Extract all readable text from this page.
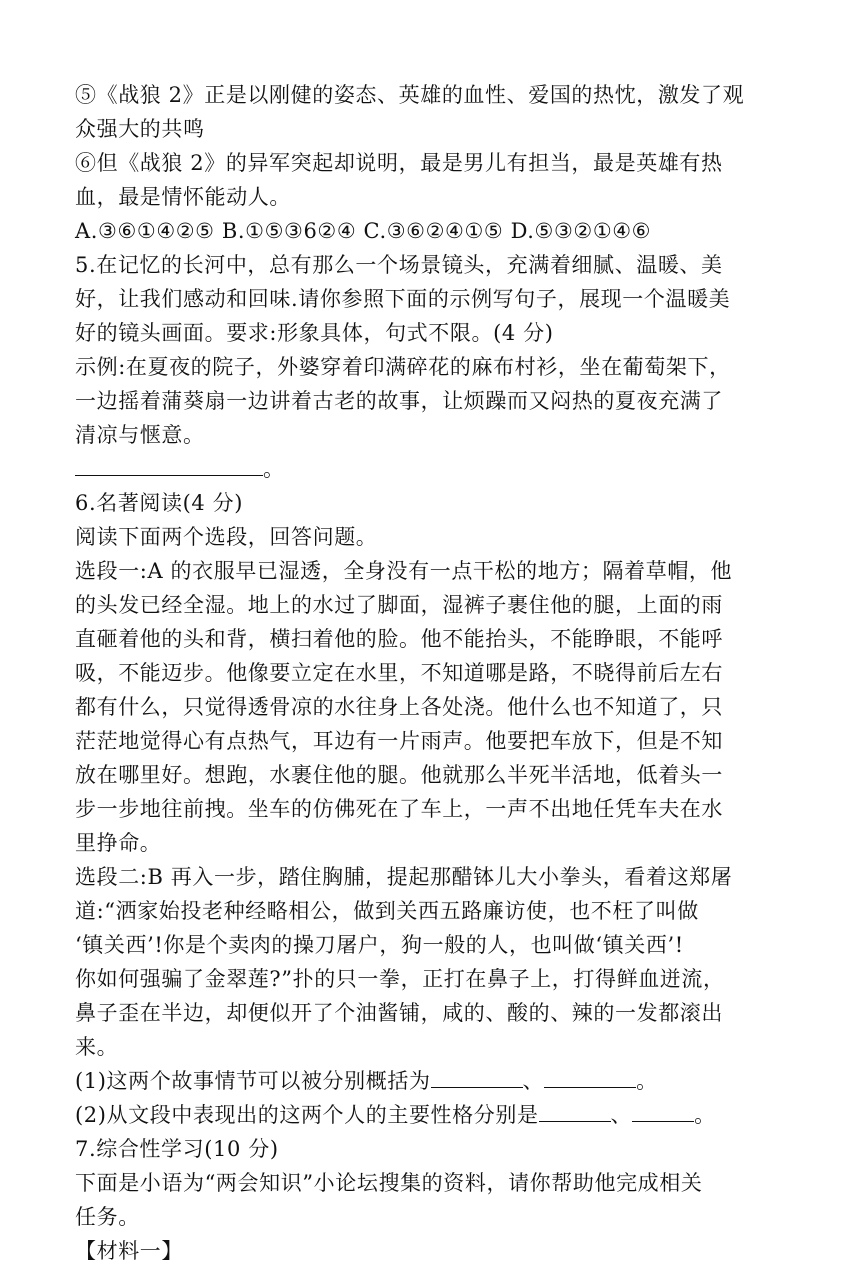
⑤《战狼 2》正是以刚健的姿态、英雄的血性、爱国的热忱，激发了观
众强大的共鸣
⑥但《战狼 2》的异军突起却说明，最是男儿有担当，最是英雄有热
血，最是情怀能动人。
A.③⑥①④②⑤ B.①⑤③6②④ C.③⑥②④①⑤ D.⑤③②①④⑥
5.在记忆的长河中，总有那么一个场景镜头，充满着细腻、温暖、美
好，让我们感动和回味.请你参照下面的示例写句子，展现一个温暖美
好的镜头画面。要求:形象具体，句式不限。(4 分)
示例:在夏夜的院子，外婆穿着印满碎花的麻布村衫，坐在葡萄架下，
一边摇着蒲葵扇一边讲着古老的故事，让烦躁而又闷热的夏夜充满了
清凉与惬意。
。
6.名著阅读(4 分)
阅读下面两个选段，回答问题。
选段一:A 的衣服早已湿透，全身没有一点干松的地方；隔着草帽，他
的头发已经全湿。地上的水过了脚面，湿裤子裹住他的腿，上面的雨
直砸着他的头和背，横扫着他的脸。他不能抬头，不能睁眼，不能呼
吸，不能迈步。他像要立定在水里，不知道哪是路，不晓得前后左右
都有什么，只觉得透骨凉的水往身上各处浇。他什么也不知道了，只
茫茫地觉得心有点热气，耳边有一片雨声。他要把车放下，但是不知
放在哪里好。想跑，水裹住他的腿。他就那么半死半活地，低着头一
步一步地往前拽。坐车的仿佛死在了车上，一声不出地任凭车夫在水
里挣命。
选段二:B 再入一步，踏住胸脯，提起那醋钵儿大小拳头，看着这郑屠
道:“洒家始投老种经略相公，做到关西五路廉访使，也不枉了叫做
‘镇关西’!你是个卖肉的操刀屠户，狗一般的人，也叫做‘镇关西’!
你如何强骗了金翠莲?”扑的只一拳，正打在鼻子上，打得鲜血迸流，
鼻子歪在半边，却便似开了个油酱铺，咸的、酸的、辣的一发都滚出
来。
(1)这两个故事情节可以被分别概括为	、	。
(2)从文段中表现出的这两个人的主要性格分别是	、	。
7.综合性学习(10 分)
下面是小语为“两会知识”小论坛搜集的资料，请你帮助他完成相关
任务。
【材料一】
